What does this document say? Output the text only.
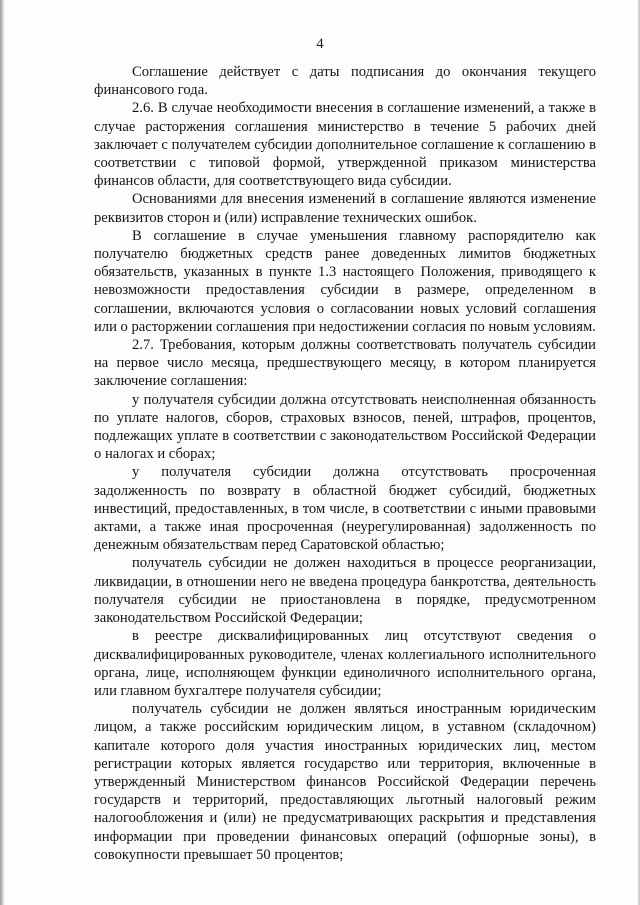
4

Соглашение действует с даты подписания до окончания текущего финансового года.

2.6. В случае необходимости внесения в соглашение изменений, а также в случае расторжения соглашения министерство в течение 5 рабочих дней заключает с получателем субсидии дополнительное соглашение к соглашению в соответствии с типовой формой, утвержденной приказом министерства финансов области, для соответствующего вида субсидии.

Основаниями для внесения изменений в соглашение являются изменение реквизитов сторон и (или) исправление технических ошибок.

В соглашение в случае уменьшения главному распорядителю как получателю бюджетных средств ранее доведенных лимитов бюджетных обязательств, указанных в пункте 1.3 настоящего Положения, приводящего к невозможности предоставления субсидии в размере, определенном в соглашении, включаются условия о согласовании новых условий соглашения или о расторжении соглашения при недостижении согласия по новым условиям.

2.7. Требования, которым должны соответствовать получатель субсидии на первое число месяца, предшествующего месяцу, в котором планируется заключение соглашения:

у получателя субсидии должна отсутствовать неисполненная обязанность по уплате налогов, сборов, страховых взносов, пеней, штрафов, процентов, подлежащих уплате в соответствии с законодательством Российской Федерации о налогах и сборах;

у получателя субсидии должна отсутствовать просроченная задолженность по возврату в областной бюджет субсидий, бюджетных инвестиций, предоставленных, в том числе, в соответствии с иными правовыми актами, а также иная просроченная (неурегулированная) задолженность по денежным обязательствам перед Саратовской областью;

получатель субсидии не должен находиться в процессе реорганизации, ликвидации, в отношении него не введена процедура банкротства, деятельность получателя субсидии не приостановлена в порядке, предусмотренном законодательством Российской Федерации;

в реестре дисквалифицированных лиц отсутствуют сведения о дисквалифицированных руководителе, членах коллегиального исполнительного органа, лице, исполняющем функции единоличного исполнительного органа, или главном бухгалтере получателя субсидии;

получатель субсидии не должен являться иностранным юридическим лицом, а также российским юридическим лицом, в уставном (складочном) капитале которого доля участия иностранных юридических лиц, местом регистрации которых является государство или территория, включенные в утвержденный Министерством финансов Российской Федерации перечень государств и территорий, предоставляющих льготный налоговый режим налогообложения и (или) не предусматривающих раскрытия и представления информации при проведении финансовых операций (офшорные зоны), в совокупности превышает 50 процентов;
